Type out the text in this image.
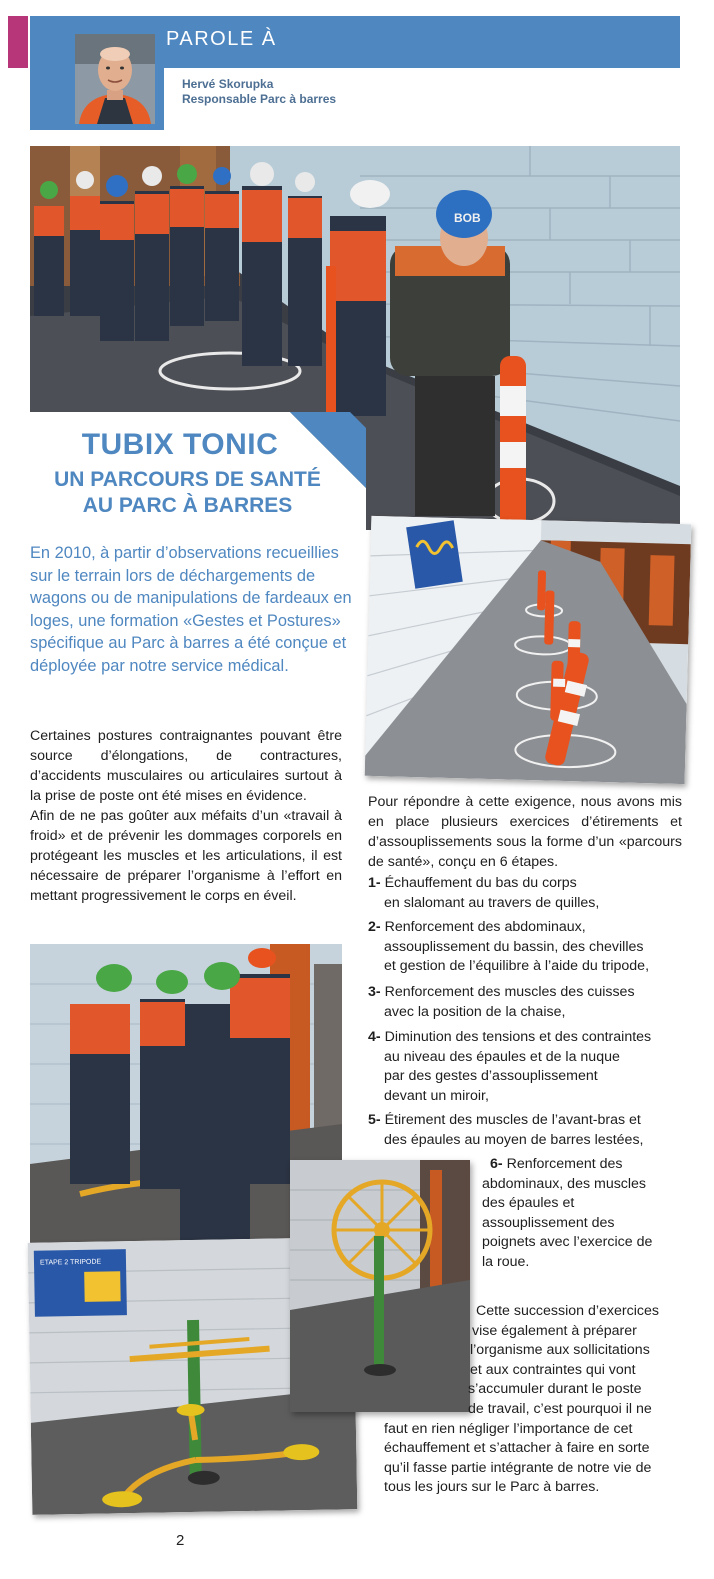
PAROLE À
Hervé Skorupka
Responsable Parc à barres
BOB
TUBIX TONIC
UN PARCOURS DE SANTÉ
AU PARC À BARRES
En 2010, à partir d’observations recueillies sur le terrain lors de déchargements de wagons ou de manipulations de fardeaux en loges, une formation «Gestes et Postures» spécifique au Parc à barres a été conçue et déployée par notre service médical.
Certaines postures contraignantes pouvant être source d’élongations, de contractures, d’accidents musculaires ou articulaires surtout à la prise de poste ont été mises en évidence.
Afin de ne pas goûter aux méfaits d’un «travail à froid» et de prévenir les dommages corporels en protégeant les muscles et les articulations, il est nécessaire de préparer l’organisme à l’effort en mettant progressivement le corps en éveil.
Pour répondre à cette exigence, nous avons mis en place plusieurs exercices d’étirements et d’assouplissements sous la forme d’un «parcours de santé», conçu en 6 étapes.
1- Échauffement du bas du corps
en slalomant au travers de quilles,
2- Renforcement des abdominaux,
assouplissement du bassin, des chevilles
et gestion de l’équilibre à l’aide du tripode,
3- Renforcement des muscles des cuisses
avec la position de la chaise,
4- Diminution des tensions et des contraintes
au niveau des épaules et de la nuque
par des gestes d’assouplissement
devant un miroir,
5- Étirement des muscles de l’avant-bras et
des épaules au moyen de barres lestées,
6- Renforcement des
abdominaux, des muscles
des épaules et
assouplissement des
poignets avec l’exercice de
la roue.
ETAPE 2 TRIPODE
Cette succession d’exercices
vise également à préparer
l’organisme aux sollicitations
et aux contraintes qui vont
s’accumuler durant le poste
de travail, c’est pourquoi il ne
faut en rien négliger l’importance de cet
échauffement et s’attacher à faire en sorte
qu’il fasse partie intégrante de notre vie de
tous les jours sur le Parc à barres.
2
